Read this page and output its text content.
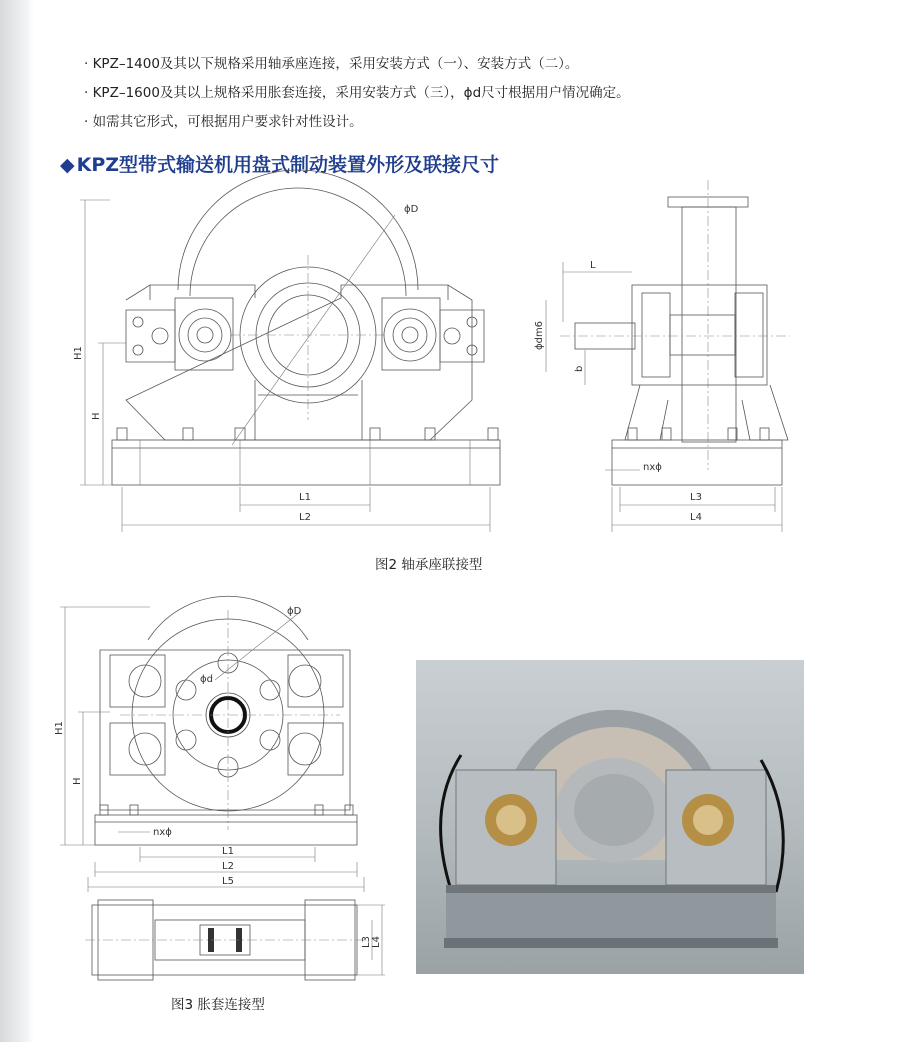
· KPZ–1400及其以下规格采用轴承座连接，采用安装方式（一）、安装方式（二）。
· KPZ–1600及其以上规格采用胀套连接，采用安装方式（三），ϕd尺寸根据用户情况确定。
· 如需其它形式，可根据用户要求针对性设计。
◆ KPZ型带式输送机用盘式制动装置外形及联接尺寸
ϕD
H1
H
L1
L2
L
ϕdm6
b
nxϕ
L3
L4
图2 轴承座联接型
ϕD
ϕd
H1
H
nxϕ
L1
L2
L5
L3 L4
图3 胀套连接型
